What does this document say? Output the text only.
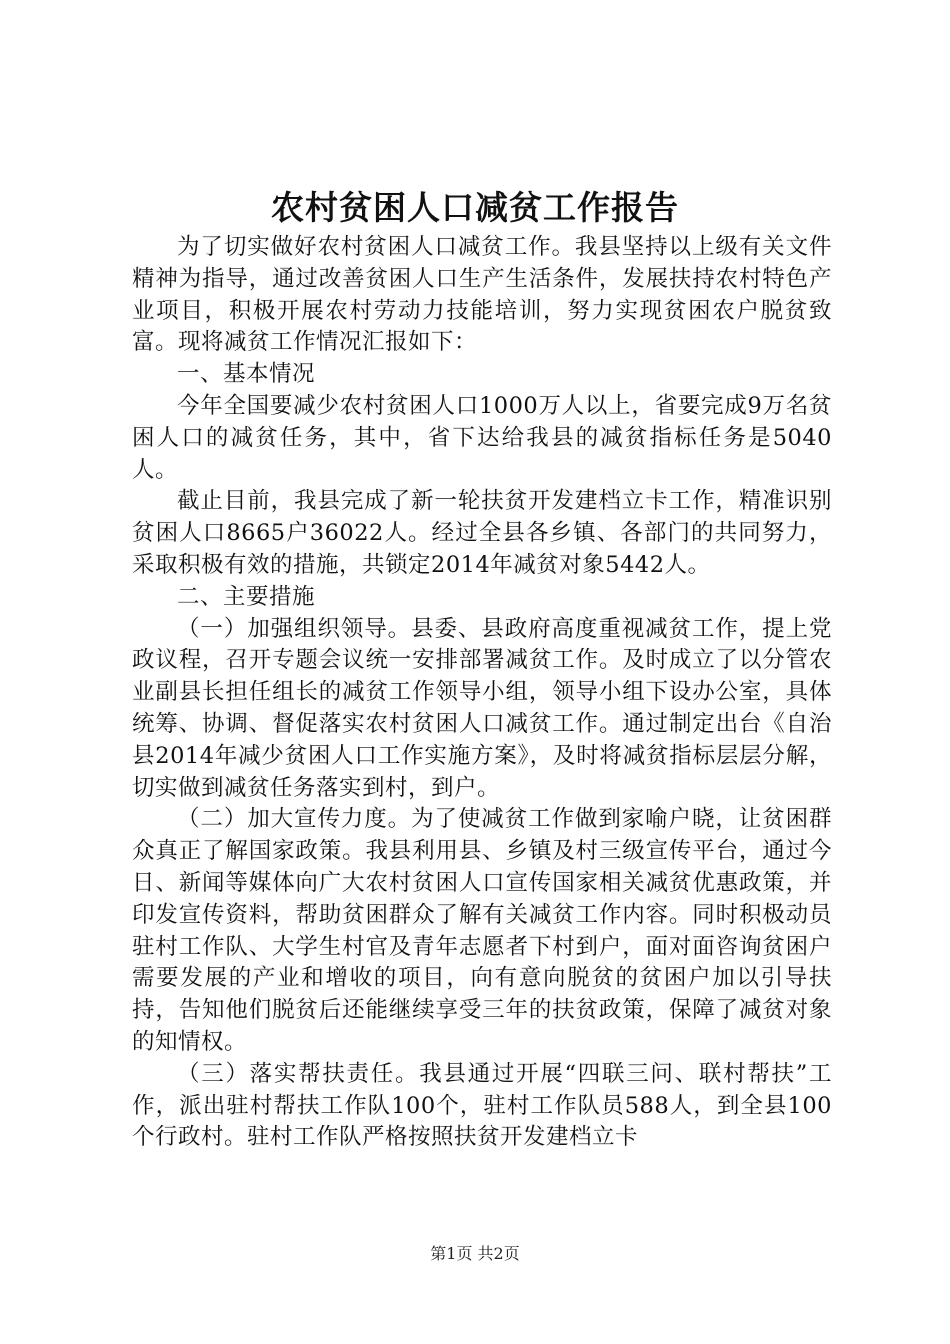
农村贫困人口减贫工作报告

为了切实做好农村贫困人口减贫工作。我县坚持以上级有关文件精神为指导，通过改善贫困人口生产生活条件，发展扶持农村特色产业项目，积极开展农村劳动力技能培训，努力实现贫困农户脱贫致富。现将减贫工作情况汇报如下：

一、基本情况

今年全国要减少农村贫困人口1000万人以上，省要完成9万名贫困人口的减贫任务，其中，省下达给我县的减贫指标任务是5040人。

截止目前，我县完成了新一轮扶贫开发建档立卡工作，精准识别贫困人口8665户36022人。经过全县各乡镇、各部门的共同努力，采取积极有效的措施，共锁定2014年减贫对象5442人。

二、主要措施

（一）加强组织领导。县委、县政府高度重视减贫工作，提上党政议程，召开专题会议统一安排部署减贫工作。及时成立了以分管农业副县长担任组长的减贫工作领导小组，领导小组下设办公室，具体统筹、协调、督促落实农村贫困人口减贫工作。通过制定出台《自治县2014年减少贫困人口工作实施方案》，及时将减贫指标层层分解，切实做到减贫任务落实到村，到户。

（二）加大宣传力度。为了使减贫工作做到家喻户晓，让贫困群众真正了解国家政策。我县利用县、乡镇及村三级宣传平台，通过今日、新闻等媒体向广大农村贫困人口宣传国家相关减贫优惠政策，并印发宣传资料，帮助贫困群众了解有关减贫工作内容。同时积极动员驻村工作队、大学生村官及青年志愿者下村到户，面对面咨询贫困户需要发展的产业和增收的项目，向有意向脱贫的贫困户加以引导扶持，告知他们脱贫后还能继续享受三年的扶贫政策，保障了减贫对象的知情权。

（三）落实帮扶责任。我县通过开展“四联三问、联村帮扶”工作，派出驻村帮扶工作队100个，驻村工作队员588人，到全县100个行政村。驻村工作队严格按照扶贫开发建档立卡

第1页 共2页
